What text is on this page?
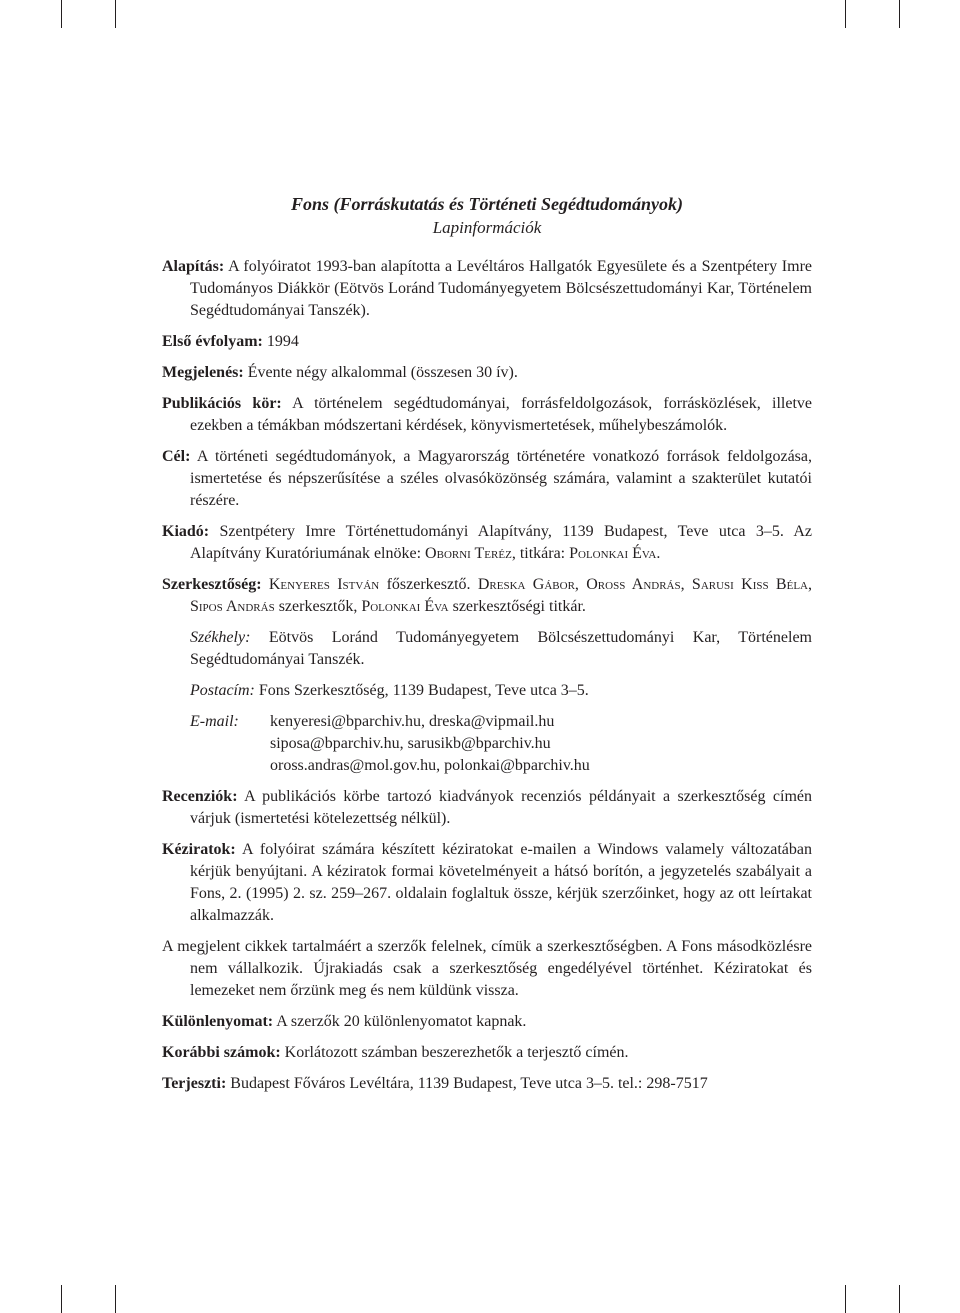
Fons (Forráskutatás és Történeti Segédtudományok)

Lapinformációk

Alapítás: A folyóiratot 1993-ban alapította a Levéltáros Hallgatók Egyesülete és a Szentpétery Imre Tudományos Diákkör (Eötvös Loránd Tudományegyetem Bölcsészettudományi Kar, Történelem Segédtudományai Tanszék).

Első évfolyam: 1994

Megjelenés: Évente négy alkalommal (összesen 30 ív).

Publikációs kör: A történelem segédtudományai, forrásfeldolgozások, forrásközlések, illetve ezekben a témákban módszertani kérdések, könyvismertetések, műhelybeszámolók.

Cél: A történeti segédtudományok, a Magyarország történetére vonatkozó források feldolgozása, ismertetése és népszerűsítése a széles olvasóközönség számára, valamint a szakterület kutatói részére.

Kiadó: Szentpétery Imre Történettudományi Alapítvány, 1139 Budapest, Teve utca 3–5. Az Alapítvány Kuratóriumának elnöke: Oborni Teréz, titkára: Polonkai Éva.

Szerkesztőség: Kenyeres István főszerkesztő. Dreska Gábor, Oross András, Sarusi Kiss Béla, Sipos András szerkesztők, Polonkai Éva szerkesztőségi titkár.

Székhely: Eötvös Loránd Tudományegyetem Bölcsészettudományi Kar, Történelem Segédtudományai Tanszék.

Postacím: Fons Szerkesztőség, 1139 Budapest, Teve utca 3–5.

E-mail:	kenyeresi@bparchiv.hu, dreska@vipmail.hu
siposa@bparchiv.hu, sarusikb@bparchiv.hu
oross.andras@mol.gov.hu, polonkai@bparchiv.hu

Recenziók: A publikációs körbe tartozó kiadványok recenziós példányait a szerkesztőség címén várjuk (ismertetési kötelezettség nélkül).

Kéziratok: A folyóirat számára készített kéziratokat e-mailen a Windows valamely változatában kérjük benyújtani. A kéziratok formai követelményeit a hátsó borítón, a jegyzetelés szabályait a Fons, 2. (1995) 2. sz. 259–267. oldalain foglaltuk össze, kérjük szerzőinket, hogy az ott leírtakat alkalmazzák.

A megjelent cikkek tartalmáért a szerzők felelnek, címük a szerkesztőségben. A Fons másodközlésre nem vállalkozik. Újrakiadás csak a szerkesztőség engedélyével történhet. Kéziratokat és lemezeket nem őrzünk meg és nem küldünk vissza.

Különlenyomat: A szerzők 20 különlenyomatot kapnak.

Korábbi számok: Korlátozott számban beszerezhetők a terjesztő címén.

Terjeszti: Budapest Főváros Levéltára, 1139 Budapest, Teve utca 3–5. tel.: 298-7517
